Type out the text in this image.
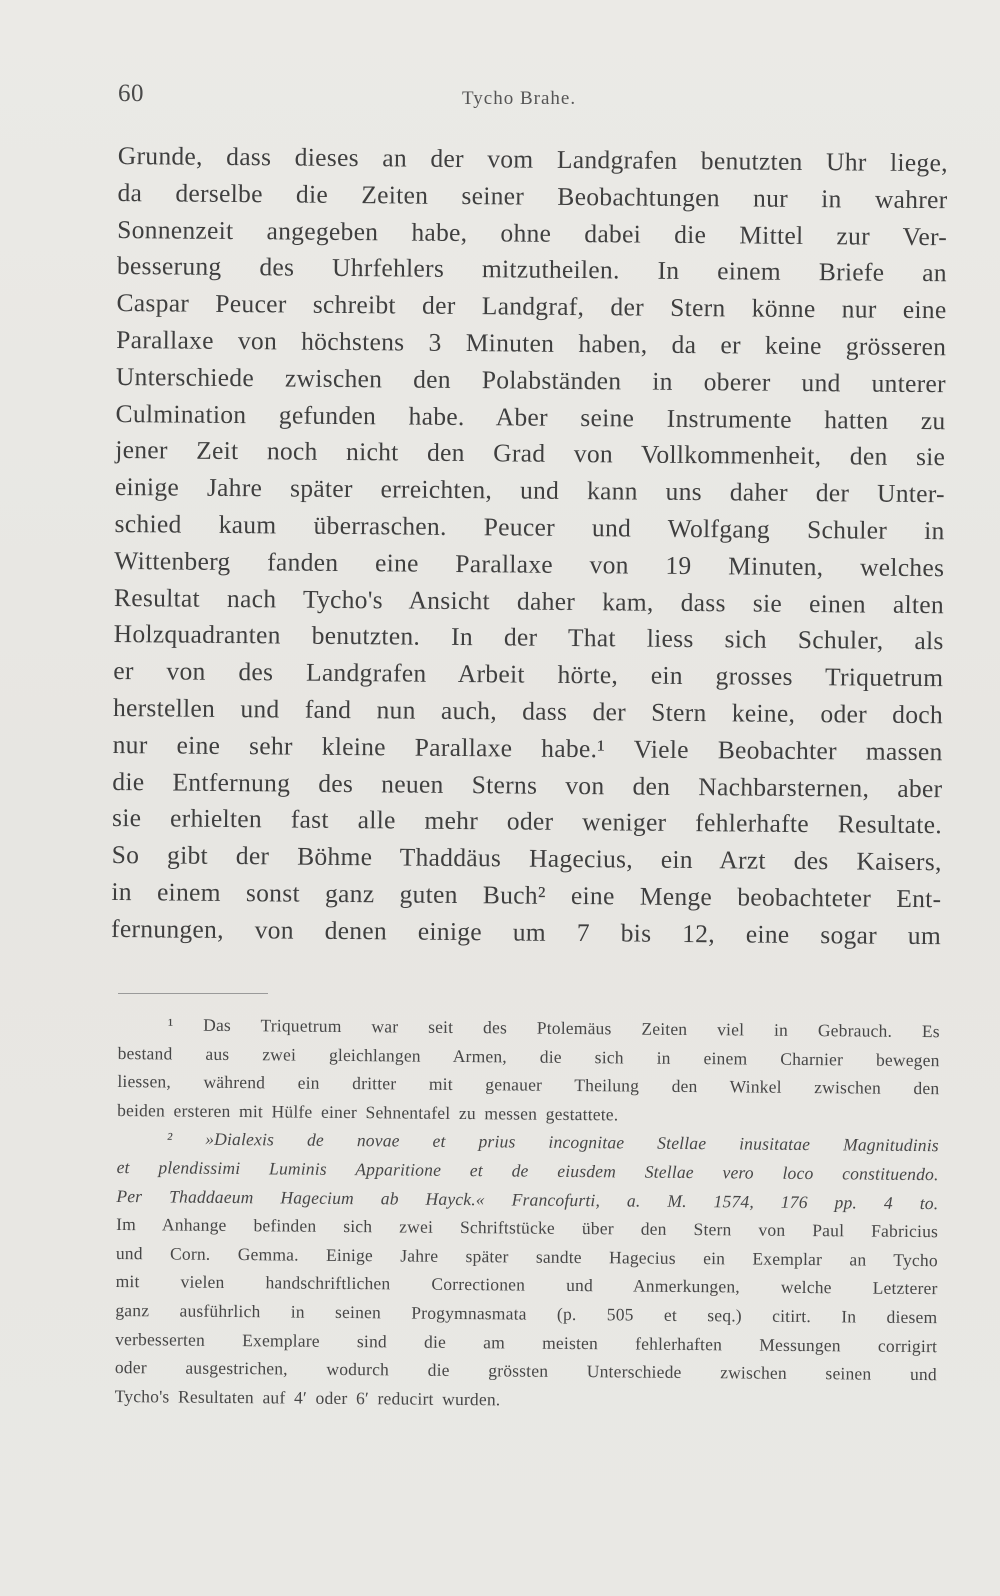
60	Tycho Brahe.
Grunde, dass dieses an der vom Landgrafen benutzten Uhr liege,
da derselbe die Zeiten seiner Beobachtungen nur in wahrer
Sonnenzeit angegeben habe, ohne dabei die Mittel zur Ver-
besserung des Uhrfehlers mitzutheilen. In einem Briefe an
Caspar Peucer schreibt der Landgraf, der Stern könne nur eine
Parallaxe von höchstens 3 Minuten haben, da er keine grösseren
Unterschiede zwischen den Polabständen in oberer und unterer
Culmination gefunden habe. Aber seine Instrumente hatten zu
jener Zeit noch nicht den Grad von Vollkommenheit, den sie
einige Jahre später erreichten, und kann uns daher der Unter-
schied kaum überraschen. Peucer und Wolfgang Schuler in
Wittenberg fanden eine Parallaxe von 19 Minuten, welches
Resultat nach Tycho's Ansicht daher kam, dass sie einen alten
Holzquadranten benutzten. In der That liess sich Schuler, als
er von des Landgrafen Arbeit hörte, ein grosses Triquetrum
herstellen und fand nun auch, dass der Stern keine, oder doch
nur eine sehr kleine Parallaxe habe.¹ Viele Beobachter massen
die Entfernung des neuen Sterns von den Nachbarsternen, aber
sie erhielten fast alle mehr oder weniger fehlerhafte Resultate.
So gibt der Böhme Thaddäus Hagecius, ein Arzt des Kaisers,
in einem sonst ganz guten Buch² eine Menge beobachteter Ent-
fernungen, von denen einige um 7 bis 12, eine sogar um
¹ Das Triquetrum war seit des Ptolemäus Zeiten viel in Gebrauch. Es
bestand aus zwei gleichlangen Armen, die sich in einem Charnier bewegen
liessen, während ein dritter mit genauer Theilung den Winkel zwischen den
beiden ersteren mit Hülfe einer Sehnentafel zu messen gestattete.
² »Dialexis de novae et prius incognitae Stellae inusitatae Magnitudinis
et plendissimi Luminis Apparitione et de eiusdem Stellae vero loco constituendo.
Per Thaddaeum Hagecium ab Hayck.« Francofurti, a. M. 1574, 176 pp. 4 to.
Im Anhange befinden sich zwei Schriftstücke über den Stern von Paul Fabricius
und Corn. Gemma. Einige Jahre später sandte Hagecius ein Exemplar an Tycho
mit vielen handschriftlichen Correctionen und Anmerkungen, welche Letzterer
ganz ausführlich in seinen Progymnasmata (p. 505 et seq.) citirt. In diesem
verbesserten Exemplare sind die am meisten fehlerhaften Messungen corrigirt
oder ausgestrichen, wodurch die grössten Unterschiede zwischen seinen und
Tycho's Resultaten auf 4′ oder 6′ reducirt wurden.
